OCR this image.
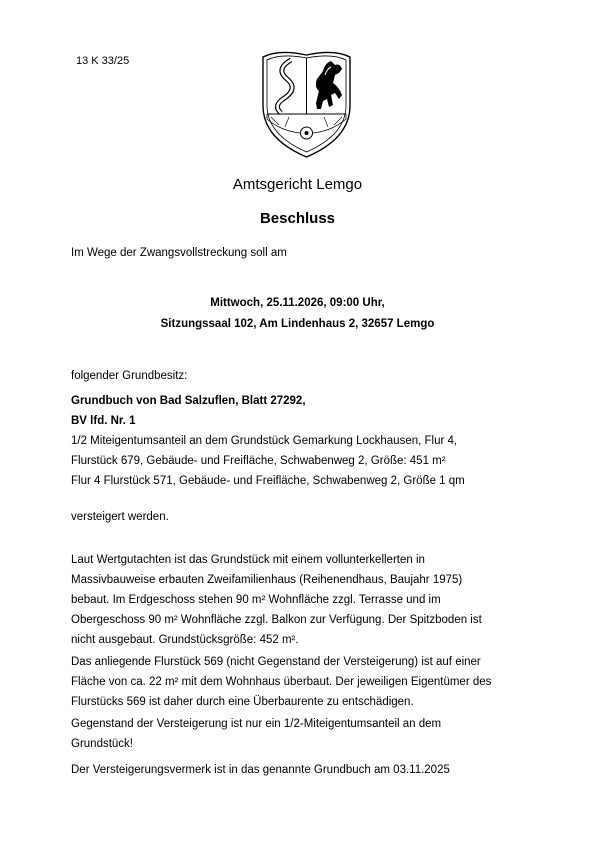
13 K 33/25
Amtsgericht Lemgo
Beschluss
Im Wege der Zwangsvollstreckung soll am
Mittwoch, 25.11.2026, 09:00 Uhr,
Sitzungssaal 102, Am Lindenhaus 2, 32657 Lemgo
folgender Grundbesitz:
Grundbuch von Bad Salzuflen, Blatt 27292,
BV lfd. Nr. 1
1/2 Miteigentumsanteil an dem Grundstück Gemarkung Lockhausen, Flur 4,
Flurstück 679, Gebäude- und Freifläche, Schwabenweg 2, Größe: 451 m²
Flur 4 Flurstück 571, Gebäude- und Freifläche, Schwabenweg 2, Größe 1 qm
versteigert werden.
Laut Wertgutachten ist das Grundstück mit einem vollunterkellerten in
Massivbauweise erbauten Zweifamilienhaus (Reihenendhaus, Baujahr 1975)
bebaut. Im Erdgeschoss stehen 90 m² Wohnfläche zzgl. Terrasse und im
Obergeschoss 90 m² Wohnfläche zzgl. Balkon zur Verfügung. Der Spitzboden ist
nicht ausgebaut. Grundstücksgröße: 452 m².
Das anliegende Flurstück 569 (nicht Gegenstand der Versteigerung) ist auf einer
Fläche von ca. 22 m² mit dem Wohnhaus überbaut. Der jeweiligen Eigentümer des
Flurstücks 569 ist daher durch eine Überbaurente zu entschädigen.
Gegenstand der Versteigerung ist nur ein 1/2-Miteigentumsanteil an dem
Grundstück!
Der Versteigerungsvermerk ist in das genannte Grundbuch am 03.11.2025
